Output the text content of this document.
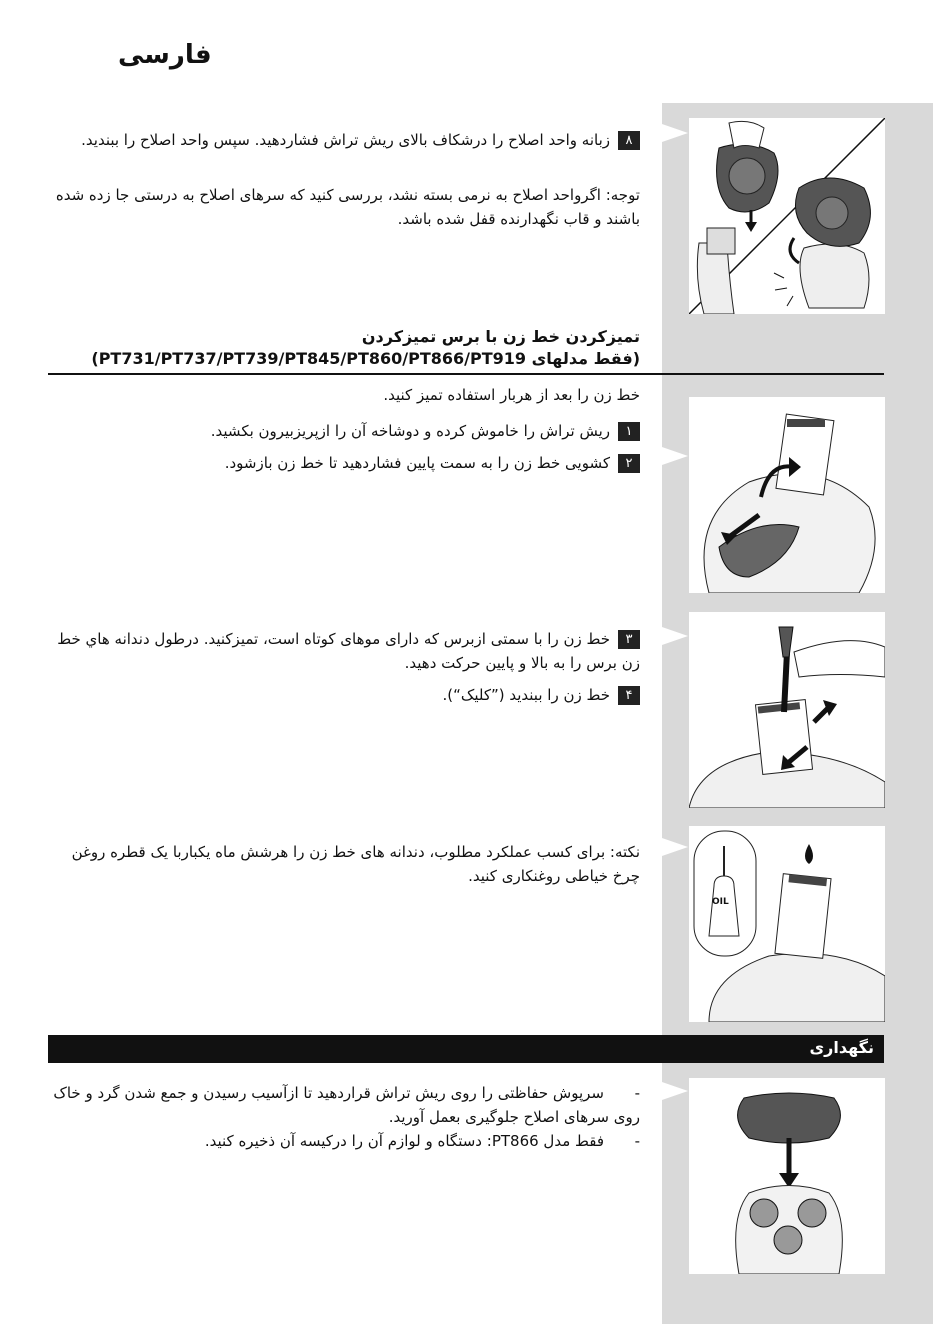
فارسی
OIL
۸زبانه واحد اصلاح را درشکاف بالای ریش تراش فشاردهید. سپس واحد اصلاح را ببندید.
توجه: اگرواحد اصلاح به نرمی بسته نشد، بررسی کنید که سرهای اصلاح به درستی جا زده شده باشند و قاب نگهدارنده قفل شده باشد.
تمیزکردن خط زن با برس تمیزکردن
(فقط مدلهای PT731/PT737/PT739/PT845/PT860/PT866/PT919)
خط زن را بعد از هربار استفاده تمیز کنید.
۱ریش تراش را خاموش کرده و دوشاخه آن را ازپریزبیرون بکشید.
۲کشویی خط زن را به سمت پایین فشاردهید تا خط زن بازشود.
۳خط زن را با سمتی ازبرس که دارای موهای کوتاه است، تمیزکنید. درطول دندانه هاي خط زن برس را به بالا و پایین حرکت دهید.
۴خط زن را ببندید (”کلیک“).
نکته: برای کسب عملکرد مطلوب، دندانه های خط زن را هرشش ماه یکباربا یک قطره روغن چرخ خیاطی روغنکاری کنید.
نگهداری
-سرپوش حفاظتی را روی ریش تراش قراردهید تا ازآسیب رسیدن و جمع شدن گرد و خاک روی سرهای اصلاح جلوگیری بعمل آورید.
-فقط مدل PT866: دستگاه و لوازم آن را درکیسه آن ذخیره کنید.
